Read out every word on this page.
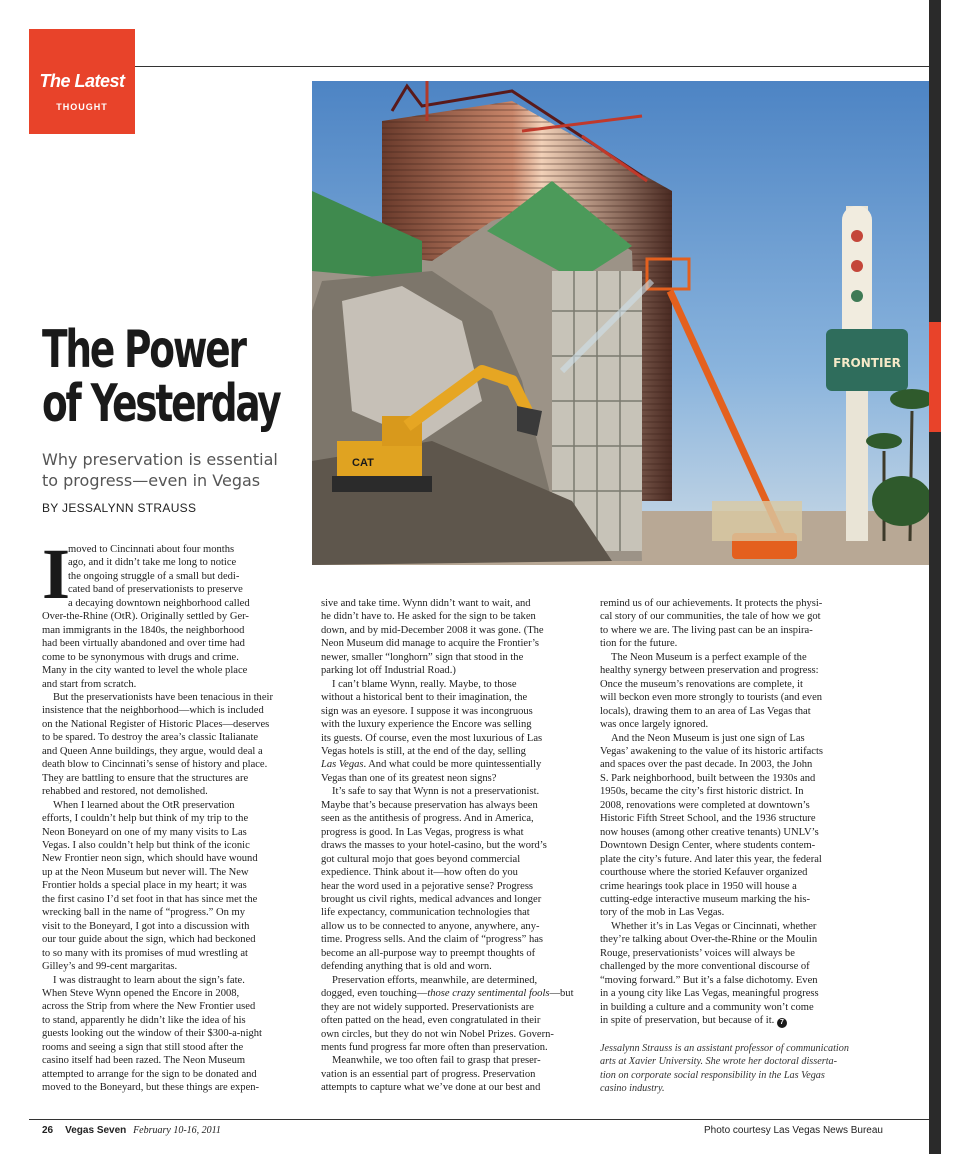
The Latest
THOUGHT
CAT
FRONTIER
The Power
of Yesterday
Why preservation is essential
to progress—even in Vegas
BY JESSALYNN STRAUSS
I

moved to Cincinnati about four months

ago, and it didn’t take me long to notice

the ongoing struggle of a small but dedi-

cated band of preservationists to preserve

a decaying downtown neighborhood called

Over-the-Rhine (OtR). Originally settled by Ger-

man immigrants in the 1840s, the neighborhood

had been virtually abandoned and over time had

come to be synonymous with drugs and crime.

Many in the city wanted to level the whole place

and start from scratch.

But the preservationists have been tenacious in their

insistence that the neighborhood—which is included

on the National Register of Historic Places—deserves

to be spared. To destroy the area’s classic Italianate

and Queen Anne buildings, they argue, would deal a

death blow to Cincinnati’s sense of history and place.

They are battling to ensure that the structures are

rehabbed and restored, not demolished.

When I learned about the OtR preservation

efforts, I couldn’t help but think of my trip to the

Neon Boneyard on one of my many visits to Las

Vegas. I also couldn’t help but think of the iconic

New Frontier neon sign, which should have wound

up at the Neon Museum but never will. The New

Frontier holds a special place in my heart; it was

the first casino I’d set foot in that has since met the

wrecking ball in the name of “progress.” On my

visit to the Boneyard, I got into a discussion with

our tour guide about the sign, which had beckoned

to so many with its promises of mud wrestling at

Gilley’s and 99-cent margaritas.

I was distraught to learn about the sign’s fate.

When Steve Wynn opened the Encore in 2008,

across the Strip from where the New Frontier used

to stand, apparently he didn’t like the idea of his

guests looking out the window of their $300-a-night

rooms and seeing a sign that still stood after the

casino itself had been razed. The Neon Museum

attempted to arrange for the sign to be donated and

moved to the Boneyard, but these things are expen-

sive and take time. Wynn didn’t want to wait, and

he didn’t have to. He asked for the sign to be taken

down, and by mid-December 2008 it was gone. (The

Neon Museum did manage to acquire the Frontier’s

newer, smaller “longhorn” sign that stood in the

parking lot off Industrial Road.)

I can’t blame Wynn, really. Maybe, to those

without a historical bent to their imagination, the

sign was an eyesore. I suppose it was incongruous

with the luxury experience the Encore was selling

its guests. Of course, even the most luxurious of Las

Vegas hotels is still, at the end of the day, selling

Las Vegas. And what could be more quintessentially

Vegas than one of its greatest neon signs?

It’s safe to say that Wynn is not a preservationist.

Maybe that’s because preservation has always been

seen as the antithesis of progress. And in America,

progress is good. In Las Vegas, progress is what

draws the masses to your hotel-casino, but the word’s

got cultural mojo that goes beyond commercial

expedience. Think about it—how often do you

hear the word used in a pejorative sense? Progress

brought us civil rights, medical advances and longer

life expectancy, communication technologies that

allow us to be connected to anyone, anywhere, any-

time. Progress sells. And the claim of “progress” has

become an all-purpose way to preempt thoughts of

defending anything that is old and worn.

Preservation efforts, meanwhile, are determined,

dogged, even touching—those crazy sentimental fools—but

they are not widely supported. Preservationists are

often patted on the head, even congratulated in their

own circles, but they do not win Nobel Prizes. Govern-

ments fund progress far more often than preservation.

Meanwhile, we too often fail to grasp that preser-

vation is an essential part of progress. Preservation

attempts to capture what we’ve done at our best and

remind us of our achievements. It protects the physi-

cal story of our communities, the tale of how we got

to where we are. The living past can be an inspira-

tion for the future.

The Neon Museum is a perfect example of the

healthy synergy between preservation and progress:

Once the museum’s renovations are complete, it

will beckon even more strongly to tourists (and even

locals), drawing them to an area of Las Vegas that

was once largely ignored.

And the Neon Museum is just one sign of Las

Vegas’ awakening to the value of its historic artifacts

and spaces over the past decade. In 2003, the John

S. Park neighborhood, built between the 1930s and

1950s, became the city’s first historic district. In

2008, renovations were completed at downtown’s

Historic Fifth Street School, and the 1936 structure

now houses (among other creative tenants) UNLV’s

Downtown Design Center, where students contem-

plate the city’s future. And later this year, the federal

courthouse where the storied Kefauver organized

crime hearings took place in 1950 will house a

cutting-edge interactive museum marking the his-

tory of the mob in Las Vegas.

Whether it’s in Las Vegas or Cincinnati, whether

they’re talking about Over-the-Rhine or the Moulin

Rouge, preservationists’ voices will always be

challenged by the more conventional discourse of

“moving forward.” But it’s a false dichotomy. Even

in a young city like Las Vegas, meaningful progress

in building a culture and a community won’t come

in spite of preservation, but because of it. 7

Jessalynn Strauss is an assistant professor of communication
arts at Xavier University. She wrote her doctoral disserta-
tion on corporate social responsibility in the Las Vegas
casino industry.
26 Vegas Seven February 10-16, 2011	Photo courtesy Las Vegas News Bureau
